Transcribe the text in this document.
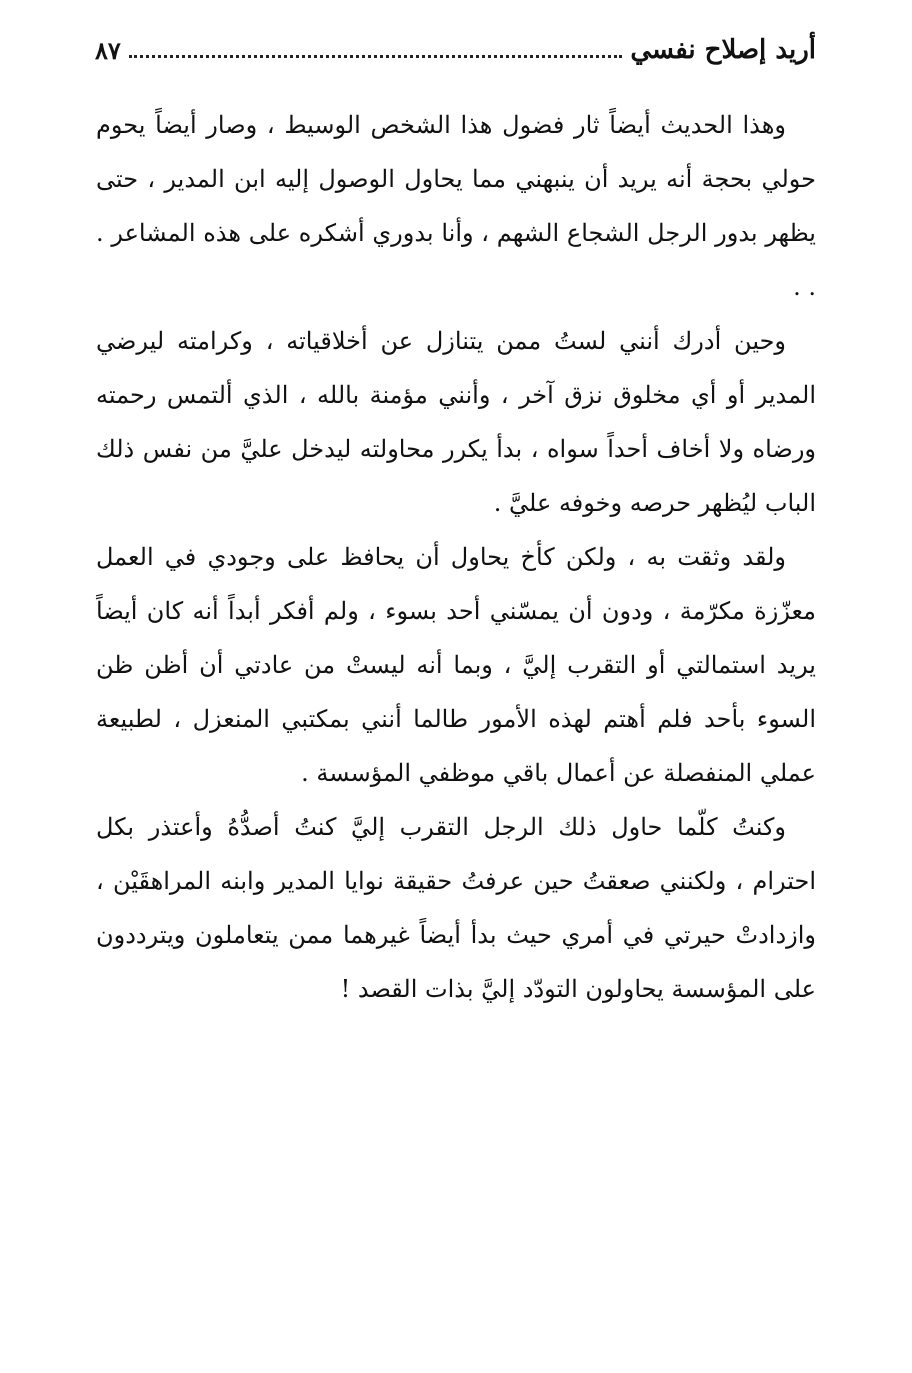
أريد إصلاح نفسي
٨٧

وهذا الحديث أيضاً ثار فضول هذا الشخص الوسيط ، وصار أيضاً يحوم حولي بحجة أنه يريد أن ينبهني مما يحاول الوصول إليه ابن المدير ، حتى يظهر بدور الرجل الشجاع الشهم ، وأنا بدوري أشكره على هذه المشاعر . . .

وحين أدرك أنني لستُ ممن يتنازل عن أخلاقياته ، وكرامته ليرضي المدير أو أي مخلوق نزق آخر ، وأنني مؤمنة بالله ، الذي ألتمس رحمته ورضاه ولا أخاف أحداً سواه ، بدأ يكرر محاولته ليدخل عليَّ من نفس ذلك الباب ليُظهر حرصه وخوفه عليَّ .

ولقد وثقت به ، ولكن كأخ يحاول أن يحافظ على وجودي في العمل معزّزة مكرّمة ، ودون أن يمسّني أحد بسوء ، ولم أفكر أبداً أنه كان أيضاً يريد استمالتي أو التقرب إليَّ ، وبما أنه ليستْ من عادتي أن أظن ظن السوء بأحد فلم أهتم لهذه الأمور طالما أنني بمكتبي المنعزل ، لطبيعة عملي المنفصلة عن أعمال باقي موظفي المؤسسة .

وكنتُ كلّما حاول ذلك الرجل التقرب إليَّ كنتُ أصدُّهُ وأعتذر بكل احترام ، ولكنني صعقتُ حين عرفتُ حقيقة نوايا المدير وابنه المراهقَيْن ، وازدادتْ حيرتي في أمري حيث بدأ أيضاً غيرهما ممن يتعاملون ويترددون على المؤسسة يحاولون التودّد إليَّ بذات القصد !
